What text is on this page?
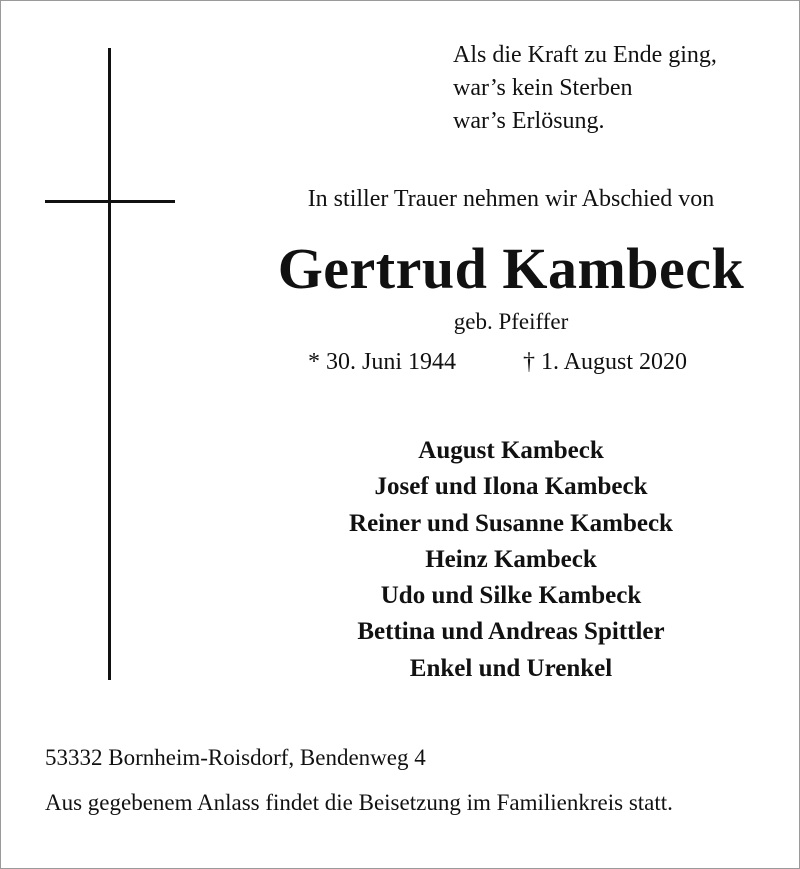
Als die Kraft zu Ende ging,
war’s kein Sterben
war’s Erlösung.
In stiller Trauer nehmen wir Abschied von
Gertrud Kambeck
geb. Pfeiffer
* 30. Juni 1944	† 1. August 2020
August Kambeck
Josef und Ilona Kambeck
Reiner und Susanne Kambeck
Heinz Kambeck
Udo und Silke Kambeck
Bettina und Andreas Spittler
Enkel und Urenkel
53332 Bornheim-Roisdorf, Bendenweg 4
Aus gegebenem Anlass findet die Beisetzung im Familienkreis statt.
